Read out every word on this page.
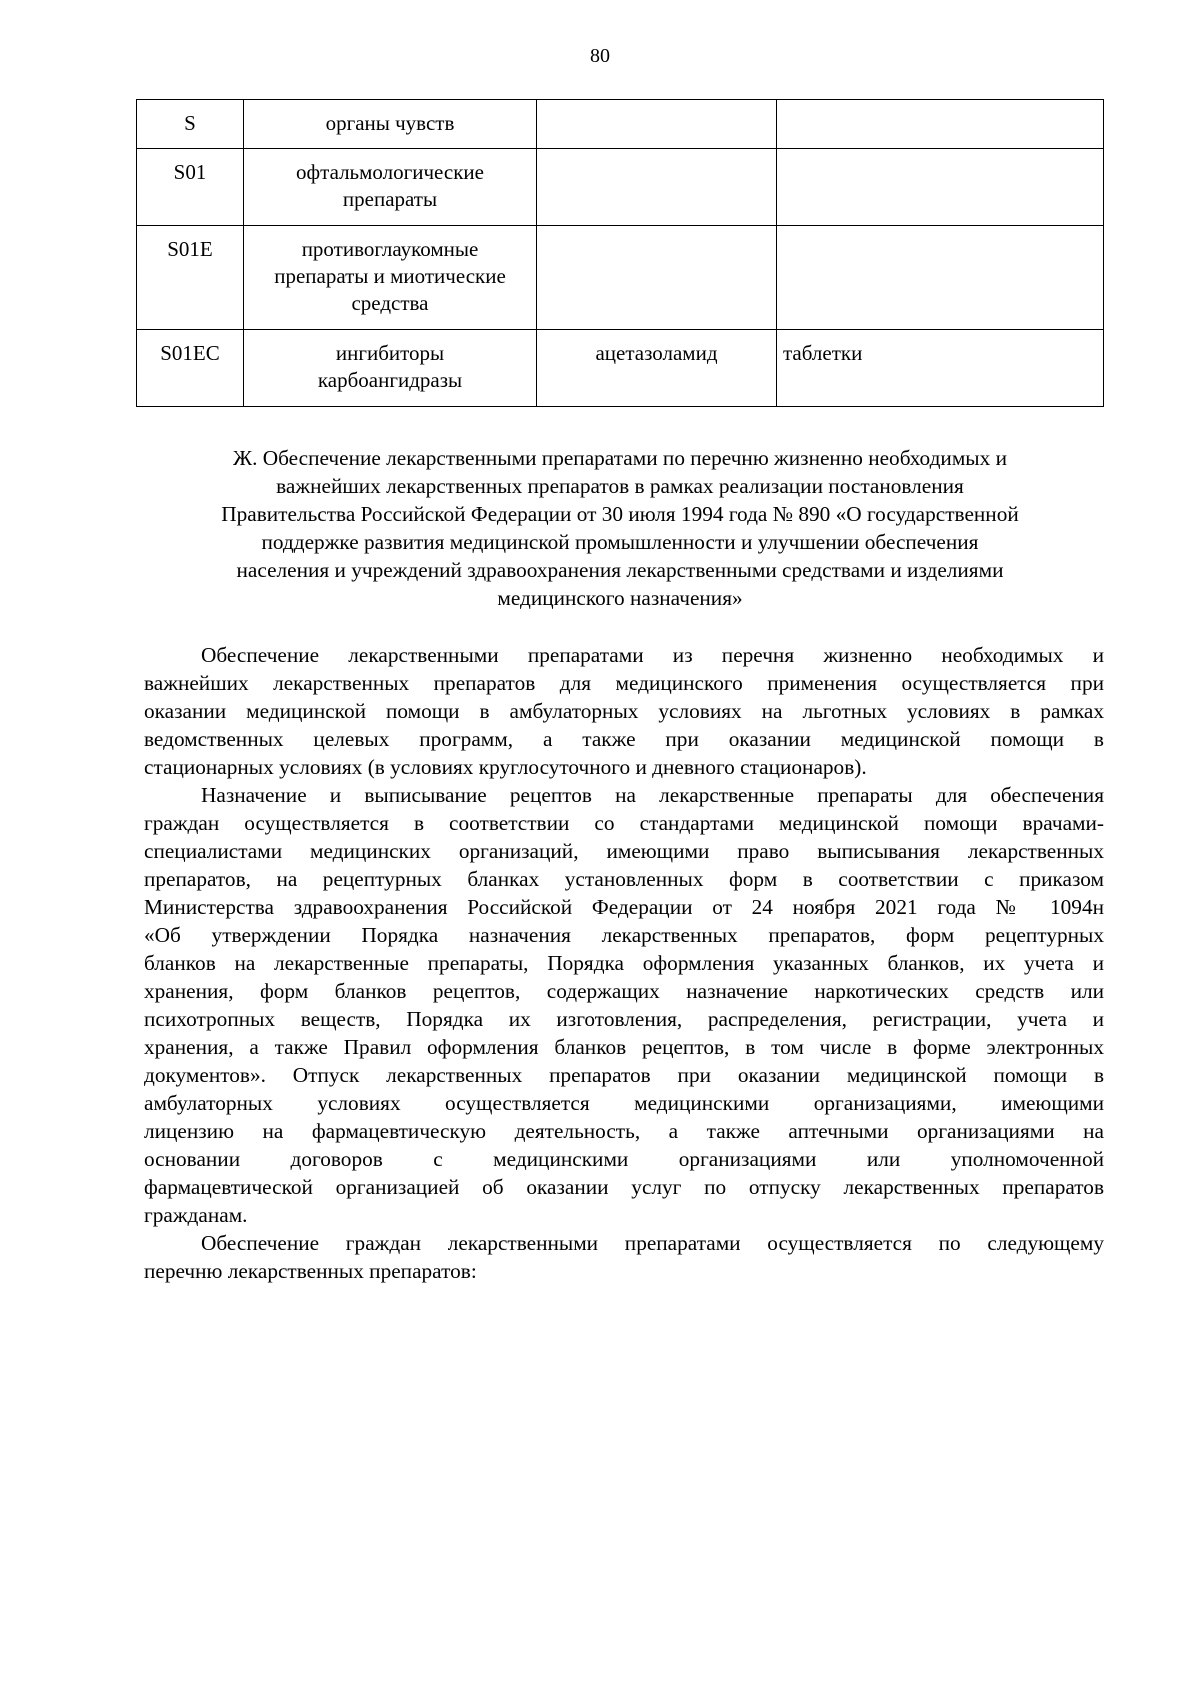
80
S	органы чувств		
S01	офтальмологические
препараты		

S01E	противоглаукомные
препараты и миотические
средства		

S01EC	ингибиторы
карбоангидразы	ацетазоламид	таблетки
Ж. Обеспечение лекарственными препаратами по перечню жизненно необходимых и
важнейших лекарственных препаратов в рамках реализации постановления
Правительства Российской Федерации от 30 июля 1994 года № 890 «О государственной
поддержке развития медицинской промышленности и улучшении обеспечения
населения и учреждений здравоохранения лекарственными средствами и изделиями
медицинского назначения»
Обеспечение лекарственными препаратами из перечня жизненно необходимых и
важнейших лекарственных препаратов для медицинского применения осуществляется при
оказании медицинской помощи в амбулаторных условиях на льготных условиях в рамках
ведомственных целевых программ, а также при оказании медицинской помощи в
стационарных условиях (в условиях круглосуточного и дневного стационаров).
Назначение и выписывание рецептов на лекарственные препараты для обеспечения
граждан осуществляется в соответствии со стандартами медицинской помощи врачами-
специалистами медицинских организаций, имеющими право выписывания лекарственных
препаратов, на рецептурных бланках установленных форм в соответствии с приказом
Министерства здравоохранения Российской Федерации от 24 ноября 2021 года № 1094н
«Об утверждении Порядка назначения лекарственных препаратов, форм рецептурных
бланков на лекарственные препараты, Порядка оформления указанных бланков, их учета и
хранения, форм бланков рецептов, содержащих назначение наркотических средств или
психотропных веществ, Порядка их изготовления, распределения, регистрации, учета и
хранения, а также Правил оформления бланков рецептов, в том числе в форме электронных
документов». Отпуск лекарственных препаратов при оказании медицинской помощи в
амбулаторных условиях осуществляется медицинскими организациями, имеющими
лицензию на фармацевтическую деятельность, а также аптечными организациями на
основании договоров с медицинскими организациями или уполномоченной
фармацевтической организацией об оказании услуг по отпуску лекарственных препаратов
гражданам.
Обеспечение граждан лекарственными препаратами осуществляется по следующему
перечню лекарственных препаратов:
